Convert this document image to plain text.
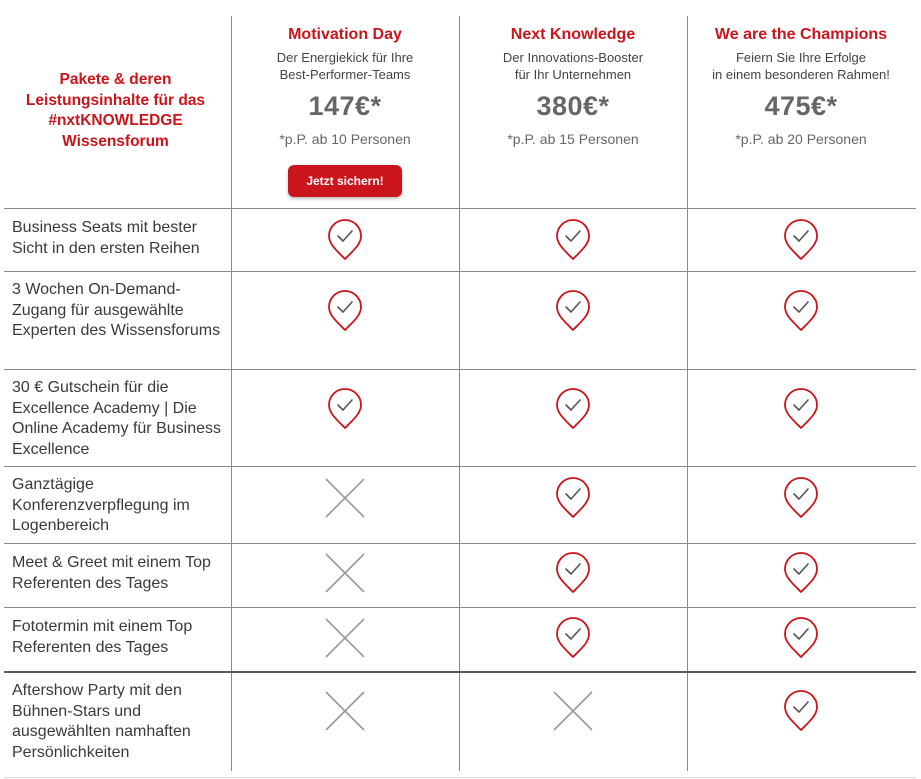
Pakete & deren Leistungsinhalte für das #nxtKNOWLEDGE Wissensforum
Motivation Day
Der Energiekick für Ihre
Best-Performer-Teams
147€*
*p.P. ab 10 Personen
Jetzt sichern!
Next Knowledge
Der Innovations-Booster
für Ihr Unternehmen
380€*
*p.P. ab 15 Personen
We are the Champions
Feiern Sie Ihre Erfolge
in einem besonderen Rahmen!
475€*
*p.P. ab 20 Personen
Business Seats mit bester Sicht in den ersten Reihen
3 Wochen On-Demand-Zugang für ausgewählte Experten des Wissensforums
30 € Gutschein für die Excellence Academy | Die Online Academy für Business Excellence
Ganztägige Konferenzverpflegung im Logenbereich
Meet & Greet mit einem Top Referenten des Tages
Fototermin mit einem Top Referenten des Tages
Aftershow Party mit den Bühnen-Stars und ausgewählten namhaften Persönlichkeiten
